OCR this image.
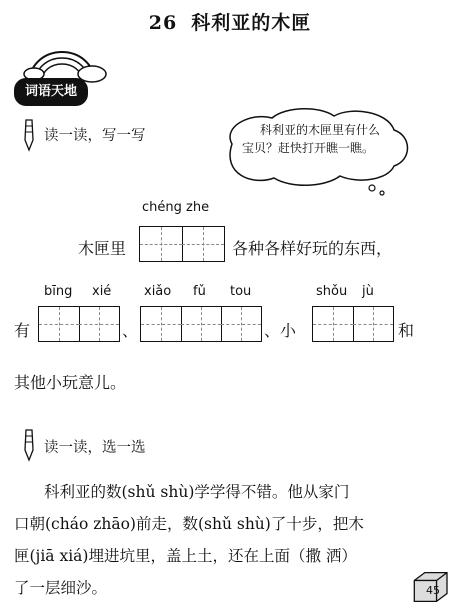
26 科利亚的木匣
词语天地
读一读，写一写	科利亚的木匣里有什么
宝贝？赶快打开瞧一瞧。
chéng zhe
木匣里	各种各样好玩的东西，
bīng xié	xiǎo fǔ tou	shǒu jù
有	、	、小	和
其他小玩意儿。
读一读，选一选
科利亚的数(shǔ shù)学学得不错。他从家门
口朝(cháo zhāo)前走，数(shǔ shù)了十步，把木
匣(jiā xiá)埋进坑里，盖上土，还在上面（撒 洒）
了一层细沙。	45
